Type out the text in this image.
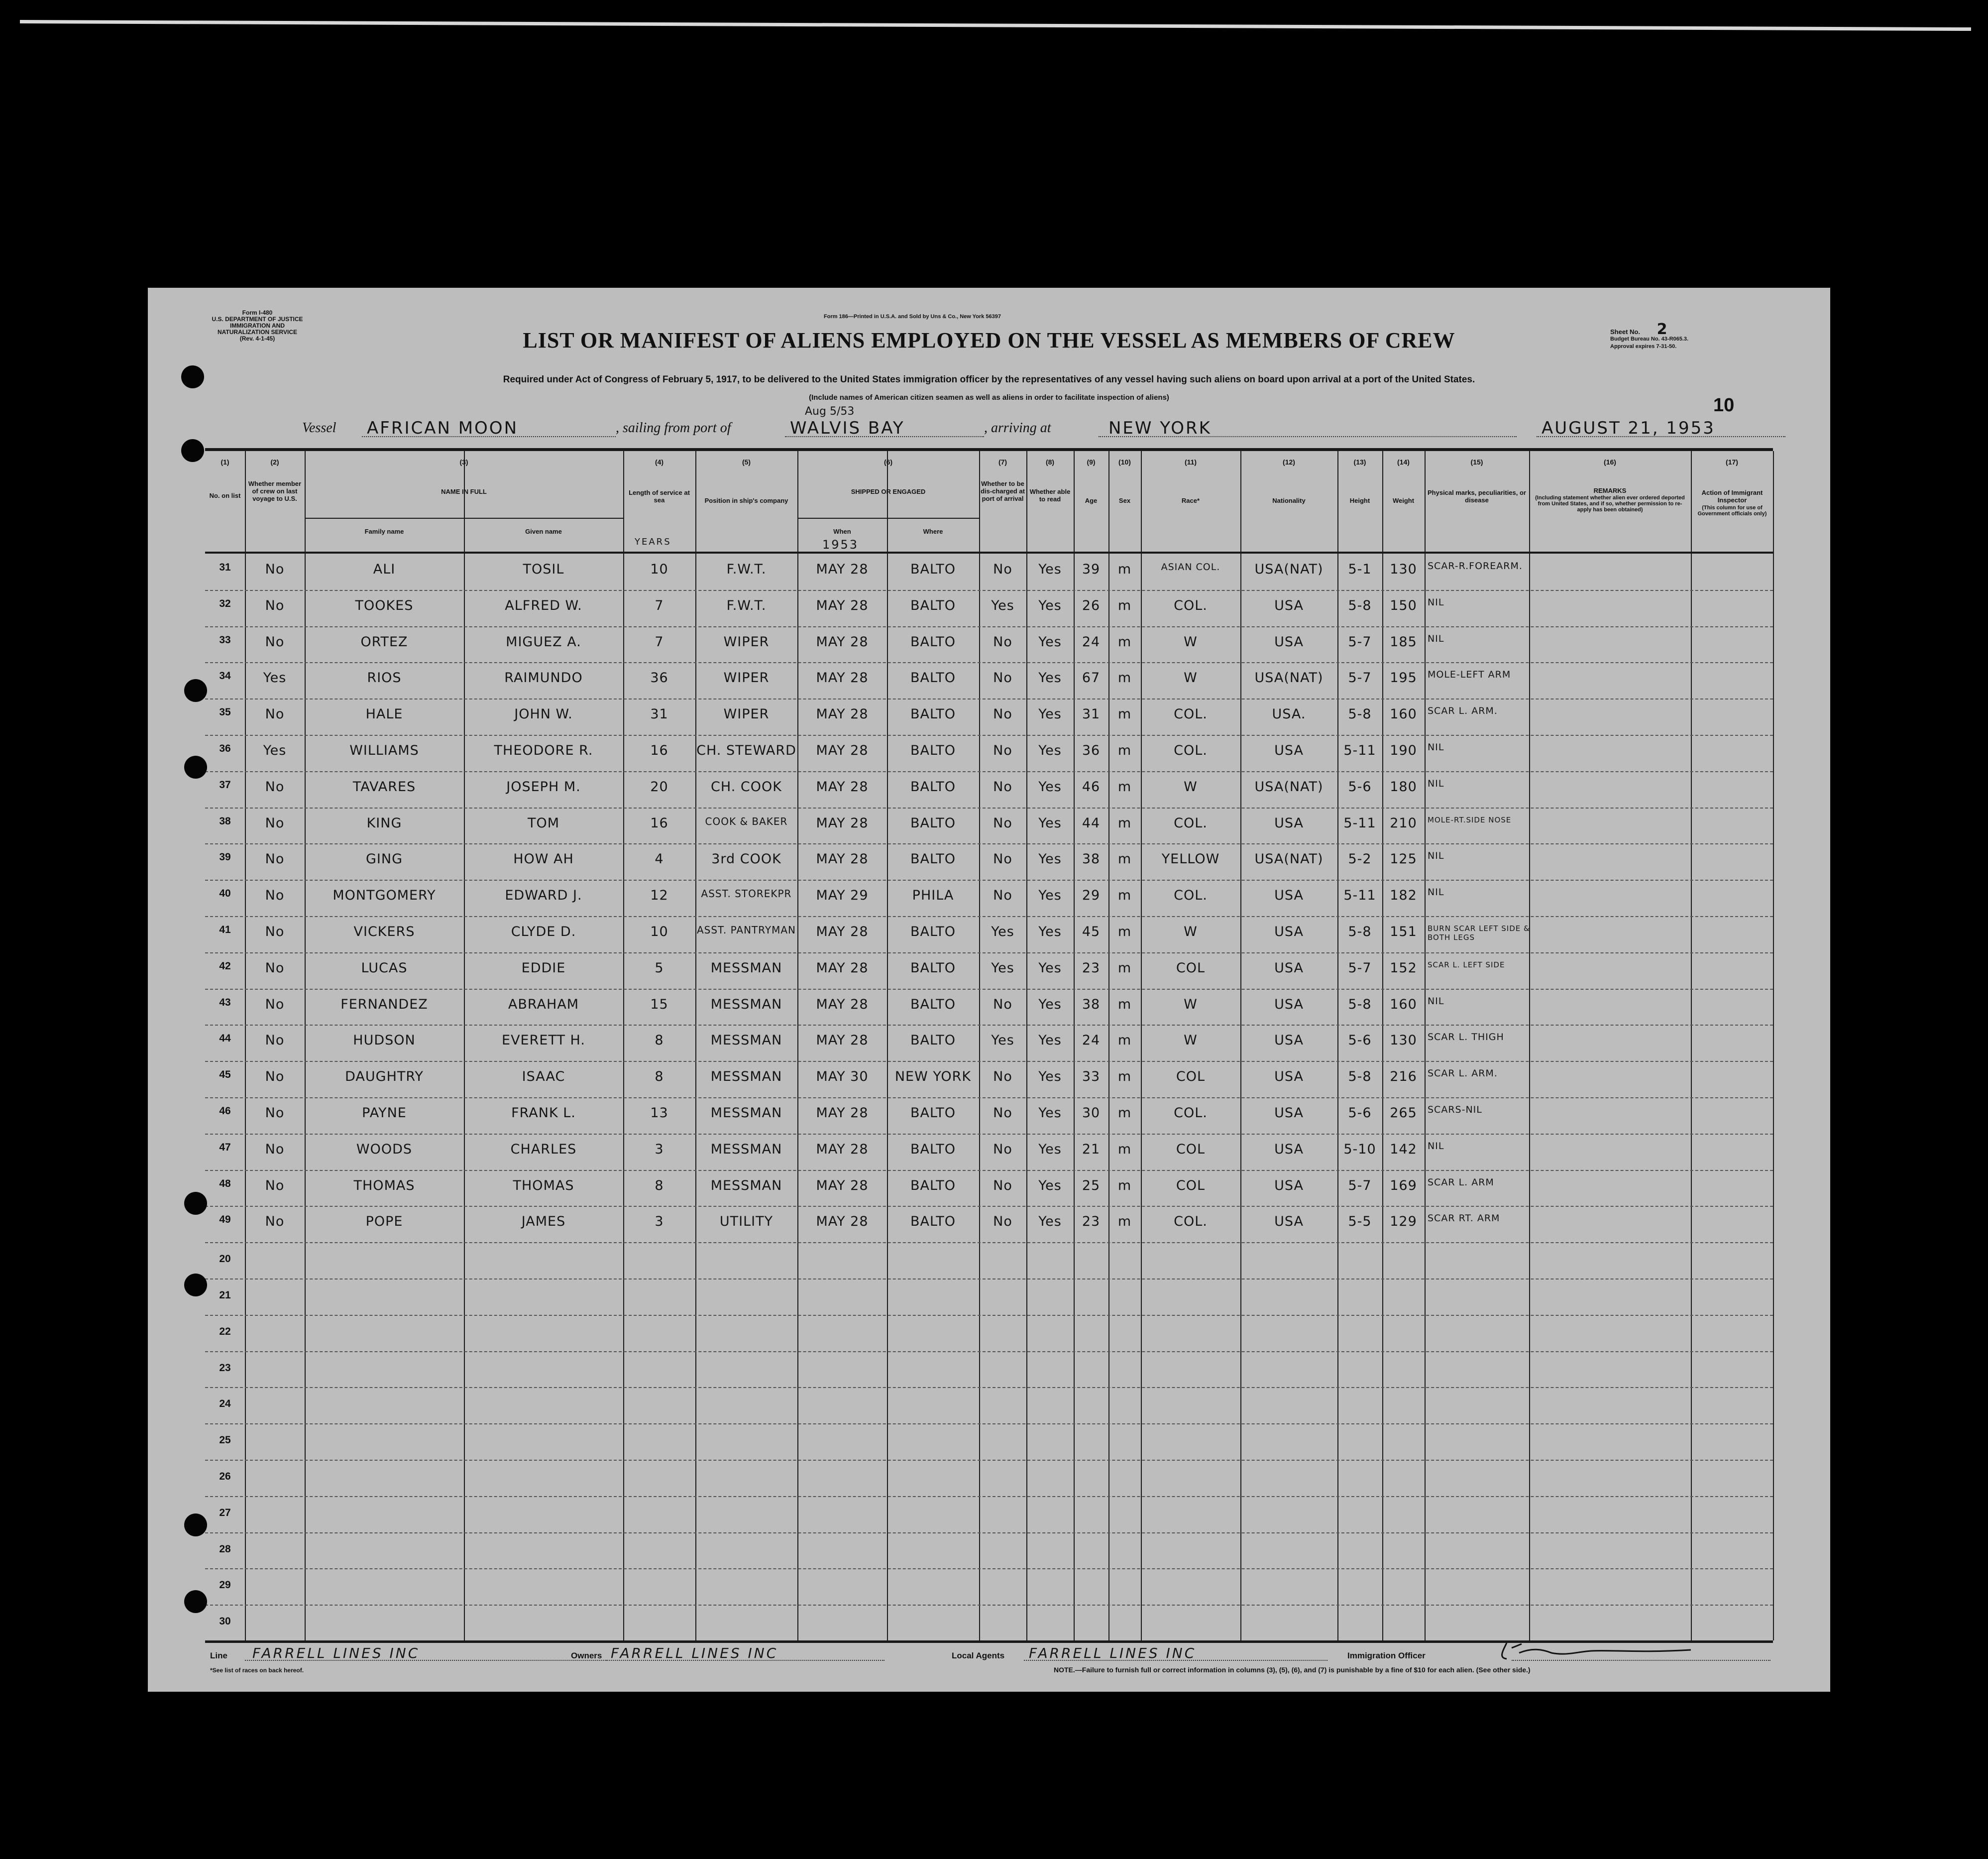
Form I-480
U.S. DEPARTMENT OF JUSTICE
IMMIGRATION AND NATURALIZATION SERVICE
(Rev. 4-1-45)
Form 186—Printed in U.S.A. and Sold by Uns & Co., New York 56397
LIST OR MANIFEST OF ALIENS EMPLOYED ON THE VESSEL AS MEMBERS OF CREW
Required under Act of Congress of February 5, 1917, to be delivered to the United States immigration officer by the representatives of any vessel having such aliens on board upon arrival at a port of the United States.
(Include names of American citizen seamen as well as aliens in order to facilitate inspection of aliens)
Sheet No. 2
Budget Bureau No. 43-R065.3.
Approval expires 7-31-50.
10
Vessel AFRICAN MOON	, sailing from port of
Aug 5/53
WALVIS BAY	, arriving at	NEW YORK	AUGUST 21, 1953
(1)	(2)	(3)	(4)	(5)	(6)	(7)	(8)	(9)	(10)	(11)	(12)	(13)	(14)	(15)	(16)	(17)
No. on list
Whether member of crew on last voyage to U.S.
NAME IN FULL
Family name	Given name
Length of service at sea
YEARS
Position in ship's company
SHIPPED OR ENGAGED
When
1953
Where
Whether to be dis-charged at port of arrival
Whether able to read	Age	Sex	Race*	Nationality	Height	Weight
Physical marks, peculiarities, or disease
REMARKS
(Including statement whether alien ever ordered deported from United States, and if so, whether permission to re-apply has been obtained)
Action of Immigrant Inspector
(This column for use of Government officials only)
31	No	ALI	TOSIL	10	F.W.T.	MAY 28	BALTO	No	Yes	39	m	ASIAN COL.	USA(NAT)	5-1	130	SCAR-R.FOREARM.
32	No	TOOKES	ALFRED W.	7	F.W.T.	MAY 28	BALTO	Yes	Yes	26	m	COL.	USA	5-8	150	NIL
33	No	ORTEZ	MIGUEZ A.	7	WIPER	MAY 28	BALTO	No	Yes	24	m	W	USA	5-7	185	NIL
34	Yes	RIOS	RAIMUNDO	36	WIPER	MAY 28	BALTO	No	Yes	67	m	W	USA(NAT)	5-7	195	MOLE-LEFT ARM
35	No	HALE	JOHN W.	31	WIPER	MAY 28	BALTO	No	Yes	31	m	COL.	USA.	5-8	160	SCAR L. ARM.
36	Yes	WILLIAMS	THEODORE R.	16	CH. STEWARD	MAY 28	BALTO	No	Yes	36	m	COL.	USA	5-11	190	NIL
37	No	TAVARES	JOSEPH M.	20	CH. COOK	MAY 28	BALTO	No	Yes	46	m	W	USA(NAT)	5-6	180	NIL
38	No	KING	TOM	16	COOK & BAKER	MAY 28	BALTO	No	Yes	44	m	COL.	USA	5-11	210	MOLE-RT.SIDE NOSE
39	No	GING	HOW AH	4	3rd COOK	MAY 28	BALTO	No	Yes	38	m	YELLOW	USA(NAT)	5-2	125	NIL
40	No	MONTGOMERY	EDWARD J.	12	ASST. STOREKPR	MAY 29	PHILA	No	Yes	29	m	COL.	USA	5-11	182	NIL
41	No	VICKERS	CLYDE D.	10	ASST. PANTRYMAN	MAY 28	BALTO	Yes	Yes	45	m	W	USA	5-8	151	BURN SCAR LEFT SIDE & BOTH LEGS
42	No	LUCAS	EDDIE	5	MESSMAN	MAY 28	BALTO	Yes	Yes	23	m	COL	USA	5-7	152	SCAR L. LEFT SIDE
43	No	FERNANDEZ	ABRAHAM	15	MESSMAN	MAY 28	BALTO	No	Yes	38	m	W	USA	5-8	160	NIL
44	No	HUDSON	EVERETT H.	8	MESSMAN	MAY 28	BALTO	Yes	Yes	24	m	W	USA	5-6	130	SCAR L. THIGH
45	No	DAUGHTRY	ISAAC	8	MESSMAN	MAY 30	NEW YORK	No	Yes	33	m	COL	USA	5-8	216	SCAR L. ARM.
46	No	PAYNE	FRANK L.	13	MESSMAN	MAY 28	BALTO	No	Yes	30	m	COL.	USA	5-6	265	SCARS-NIL
47	No	WOODS	CHARLES	3	MESSMAN	MAY 28	BALTO	No	Yes	21	m	COL	USA	5-10	142	NIL
48	No	THOMAS	THOMAS	8	MESSMAN	MAY 28	BALTO	No	Yes	25	m	COL	USA	5-7	169	SCAR L. ARM
49	No	POPE	JAMES	3	UTILITY	MAY 28	BALTO	No	Yes	23	m	COL.	USA	5-5	129	SCAR RT. ARM
20
21
22
23
24
25
26
27
28
29
30
Line FARRELL LINES INC	Owners FARRELL LINES INC	Local Agents FARRELL LINES INC	Immigration Officer
*See list of races on back hereof.	NOTE.—Failure to furnish full or correct information in columns (3), (5), (6), and (7) is punishable by a fine of $10 for each alien. (See other side.)
